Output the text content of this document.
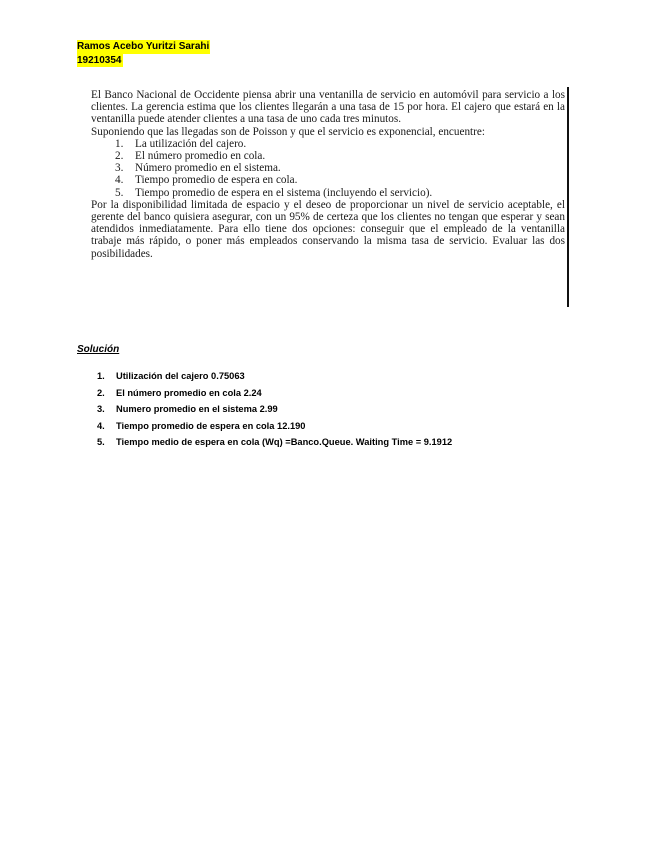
Ramos Acebo Yuritzi Sarahi
19210354

El Banco Nacional de Occidente piensa abrir una ventanilla de servicio en automóvil para servicio a los clientes. La gerencia estima que los clientes llegarán a una tasa de 15 por hora. El cajero que estará en la ventanilla puede atender clientes a una tasa de uno cada tres minutos.

Suponiendo que las llegadas son de Poisson y que el servicio es exponencial, encuentre:

1. La utilización del cajero.
2. El número promedio en cola.
3. Número promedio en el sistema.
4. Tiempo promedio de espera en cola.
5. Tiempo promedio de espera en el sistema (incluyendo el servicio).

Por la disponibilidad limitada de espacio y el deseo de proporcionar un nivel de servicio aceptable, el gerente del banco quisiera asegurar, con un 95% de certeza que los clientes no tengan que esperar y sean atendidos inmediatamente. Para ello tiene dos opciones: conseguir que el empleado de la ventanilla trabaje más rápido, o poner más empleados conservando la misma tasa de servicio. Evaluar las dos posibilidades.

Solución
1. Utilización del cajero 0.75063
2. El número promedio en cola 2.24
3. Numero promedio en el sistema 2.99
4. Tiempo promedio de espera en cola 12.190
5. Tiempo medio de espera en cola (Wq) =Banco.Queue. Waiting Time = 9.1912
